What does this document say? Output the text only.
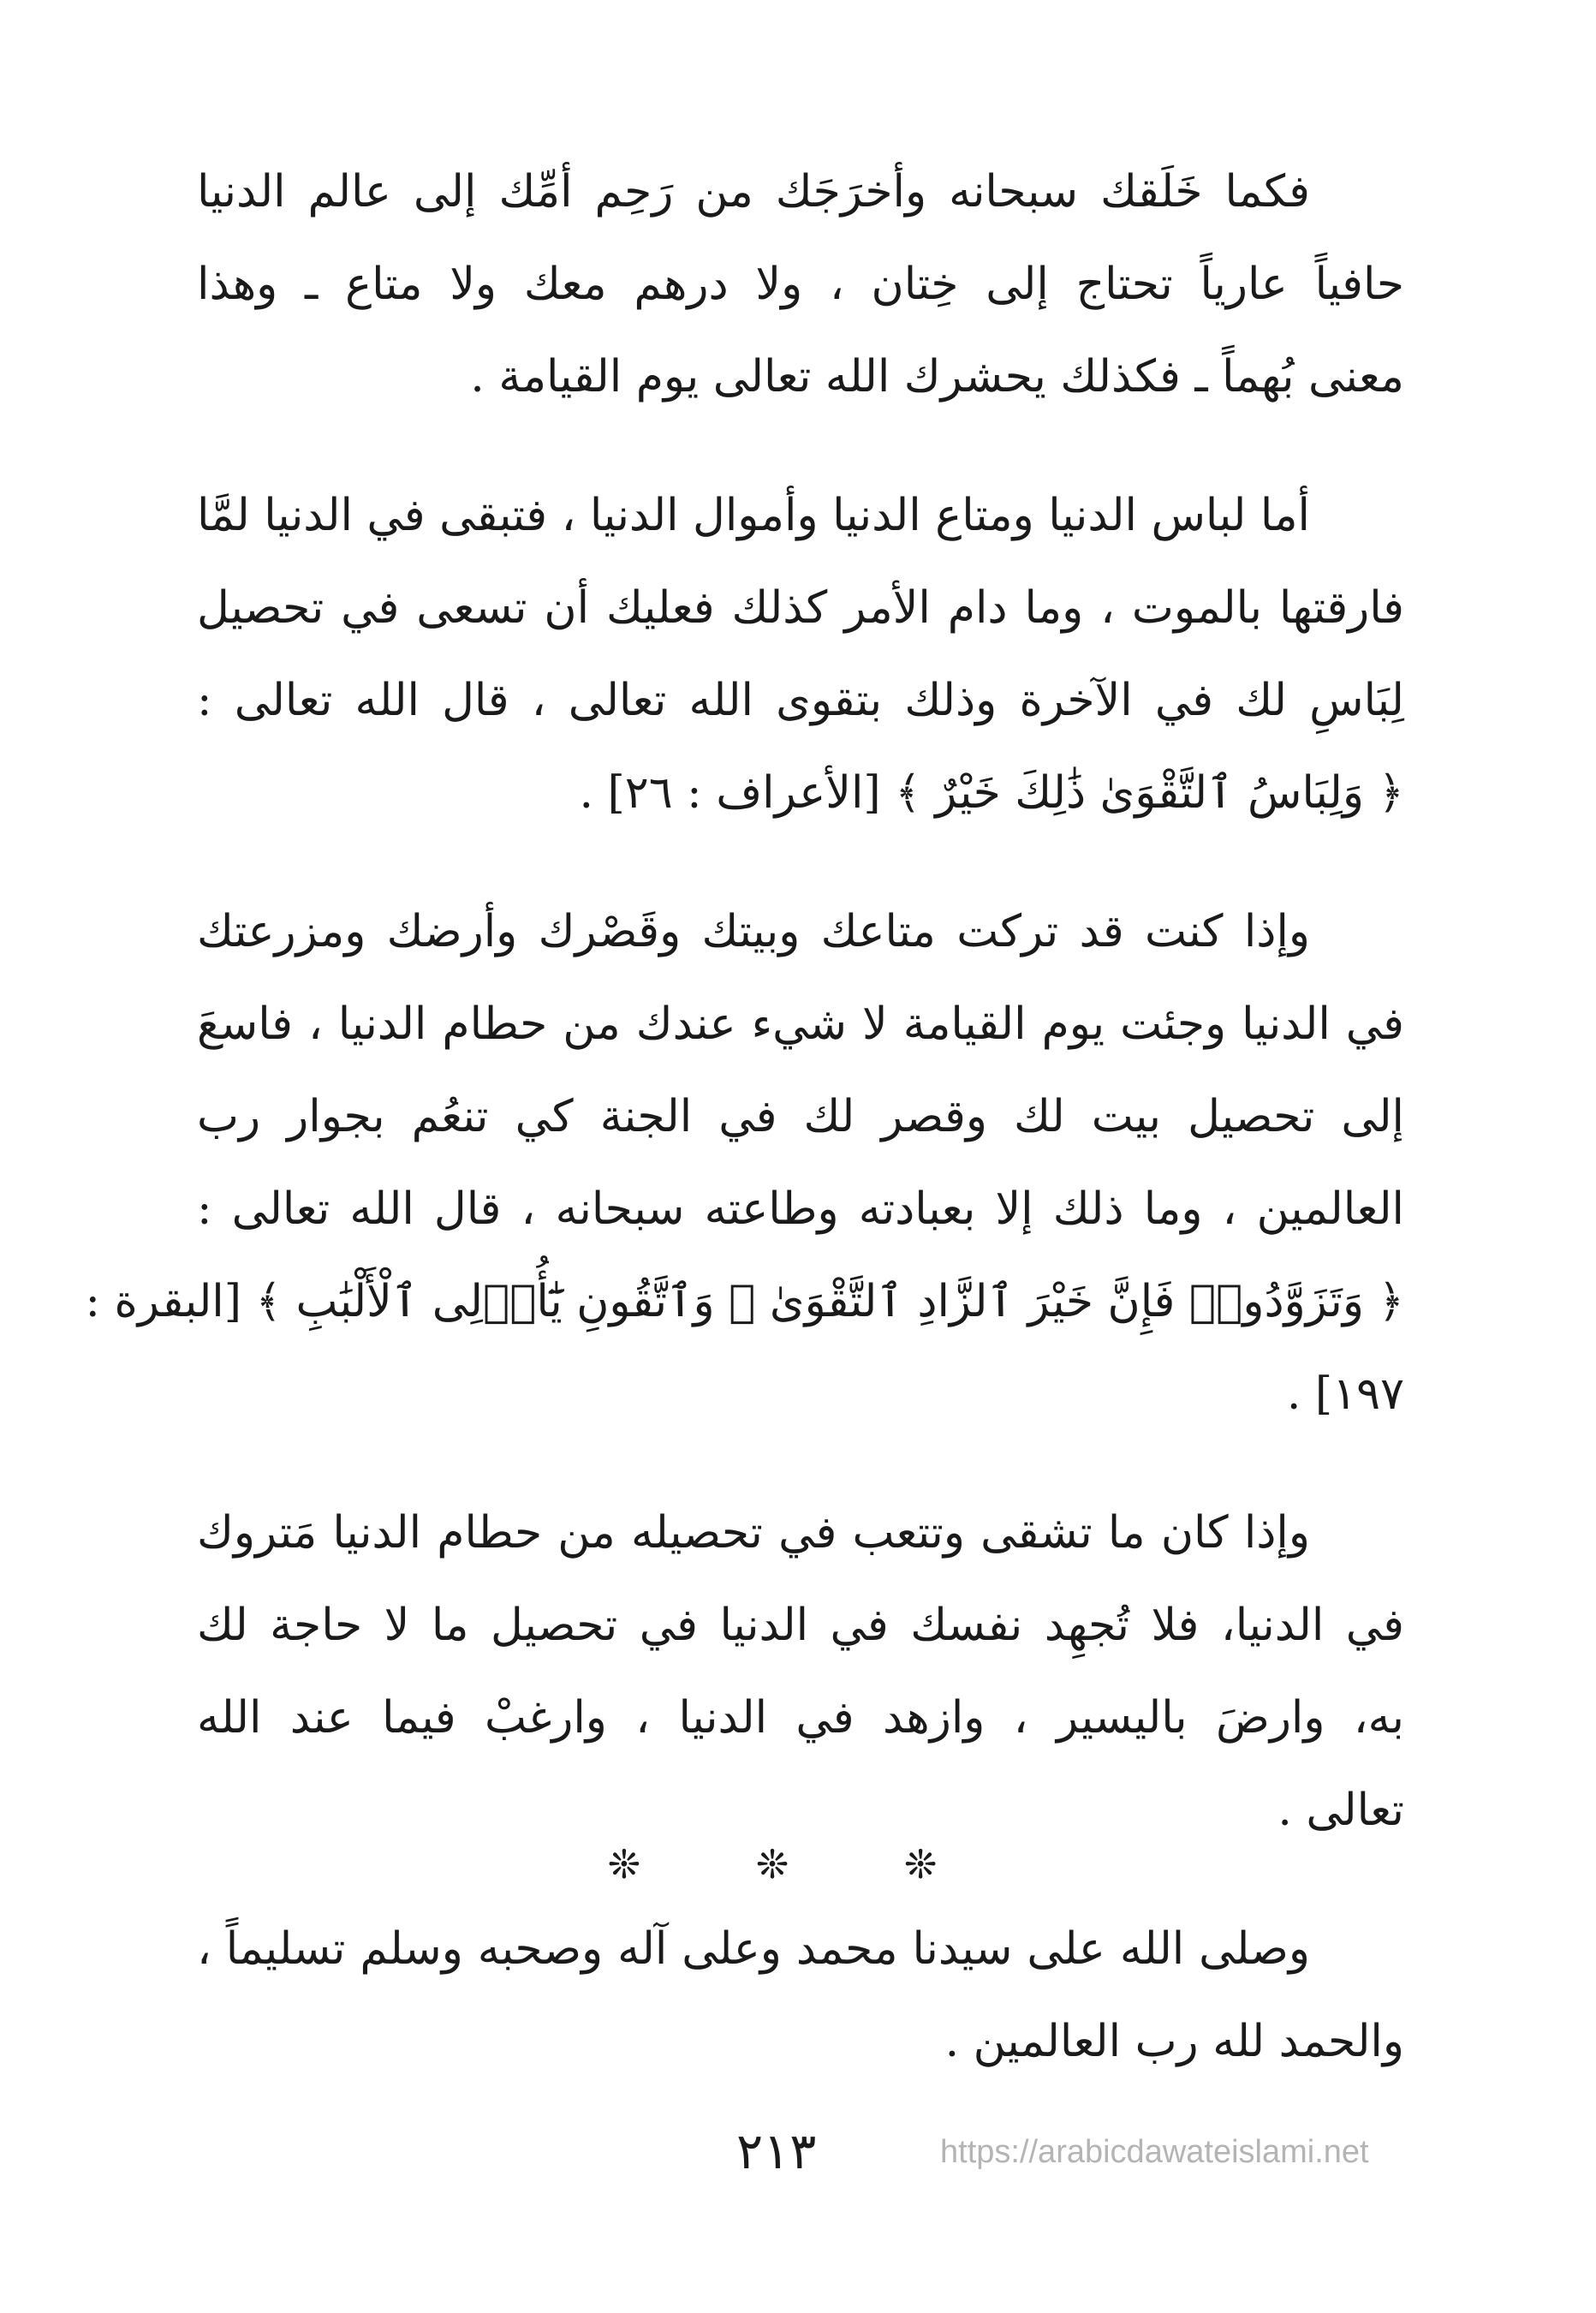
فكما خَلَقك سبحانه وأخرَجَك من رَحِم أمِّك إلى عالم الدنيا
حافياً عارياً تحتاج إلى خِتان ، ولا درهم معك ولا متاع ـ وهذا
معنى بُهماً ـ فكذلك يحشرك الله تعالى يوم القيامة .
أما لباس الدنيا ومتاع الدنيا وأموال الدنيا ، فتبقى في الدنيا لمَّا
فارقتها بالموت ، وما دام الأمر كذلك فعليك أن تسعى في تحصيل
لِبَاسِ لك في الآخرة وذلك بتقوى الله تعالى ، قال الله تعالى :
﴿ وَلِبَاسُ ٱلتَّقْوَىٰ ذَٰلِكَ خَيْرٌ ﴾ [الأعراف : ٢٦] .
وإذا كنت قد تركت متاعك وبيتك وقَصْرك وأرضك ومزرعتك
في الدنيا وجئت يوم القيامة لا شيء عندك من حطام الدنيا ، فاسعَ
إلى تحصيل بيت لك وقصر لك في الجنة كي تنعُم بجوار رب
العالمين ، وما ذلك إلا بعبادته وطاعته سبحانه ، قال الله تعالى :
﴿ وَتَزَوَّدُوا۟ فَإِنَّ خَيْرَ ٱلزَّادِ ٱلتَّقْوَىٰ ۚ وَٱتَّقُونِ يَٰٓأُو۟لِى ٱلْأَلْبَٰبِ ﴾ [البقرة :
١٩٧] .
وإذا كان ما تشقى وتتعب في تحصيله من حطام الدنيا مَتروك
في الدنيا، فلا تُجهِد نفسك في الدنيا في تحصيل ما لا حاجة لك
به، وارضَ باليسير ، وازهد في الدنيا ، وارغبْ فيما عند الله
تعالى .
وصلى الله على سيدنا محمد وعلى آله وصحبه وسلم تسليماً ،
والحمد لله رب العالمين .
❊ ❊ ❊
٢١٣	https://arabicdawateislami.net
